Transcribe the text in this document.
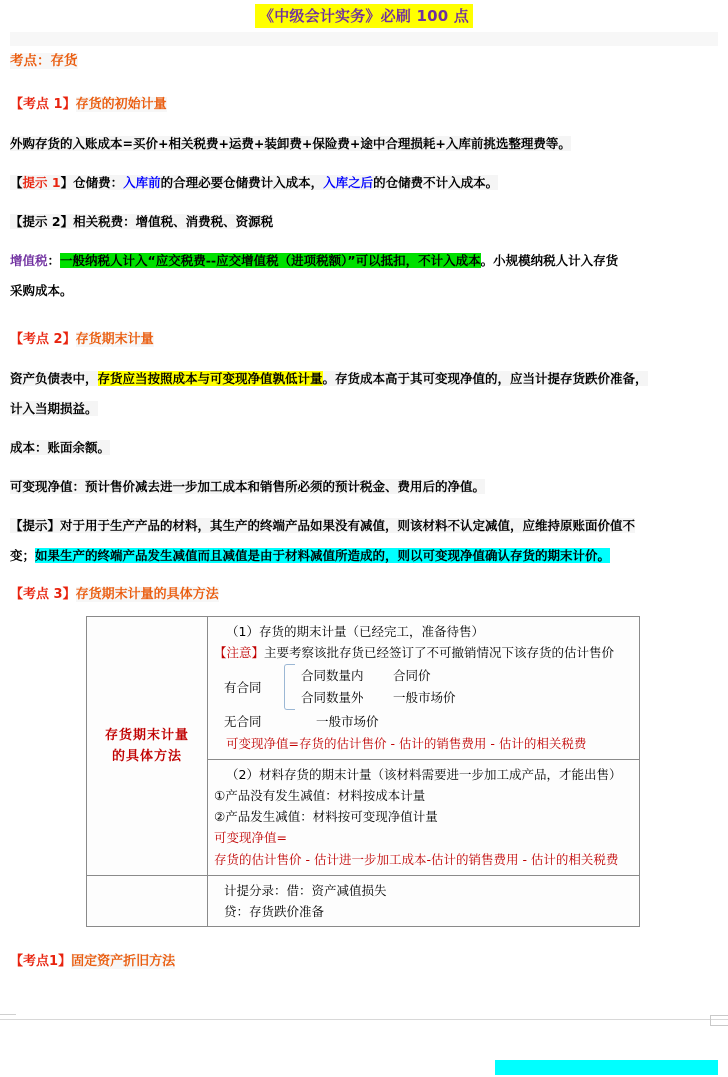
《中级会计实务》必刷 100 点
考点：存货
【考点 1】存货的初始计量
外购存货的入账成本=买价+相关税费+运费+装卸费+保险费+途中合理损耗+入库前挑选整理费等。
【提示 1】仓储费：入库前的合理必要仓储费计入成本，入库之后的仓储费不计入成本。
【提示 2】相关税费：增值税、消费税、资源税
增值税：一般纳税人计入“应交税费--应交增值税（进项税额）”可以抵扣，不计入成本。小规模纳税人计入存货
采购成本。
【考点 2】存货期末计量
资产负债表中，存货应当按照成本与可变现净值孰低计量。存货成本高于其可变现净值的，应当计提存货跌价准备，
计入当期损益。
成本：账面余额。
可变现净值：预计售价减去进一步加工成本和销售所必须的预计税金、费用后的净值。
【提示】对于用于生产产品的材料，其生产的终端产品如果没有减值，则该材料不认定减值，应维持原账面价值不
变；如果生产的终端产品发生减值而且减值是由于材料减值所造成的，则以可变现净值确认存货的期末计价。
【考点 3】存货期末计量的具体方法
存货期末计量
的具体方法

（1）存货的期末计量（已经完工，准备待售）
【注意】主要考察该批存货已经签订了不可撤销情况下该存货的估计售价
有合同
合同数量内 合同价
合同数量外 一般市场价
无合同	一般市场价
可变现净值=存货的估计售价 - 估计的销售费用 - 估计的相关税费

	（2）材料存货的期末计量（该材料需要进一步加工成产品，才能出售）
①产品没有发生减值：材料按成本计量
②产品发生减值：材料按可变现净值计量
可变现净值=
存货的估计售价 - 估计进一步加工成本-估计的销售费用 - 估计的相关税费

	计提分录：借：资产减值损失
贷：存货跌价准备
【考点1】固定资产折旧方法
